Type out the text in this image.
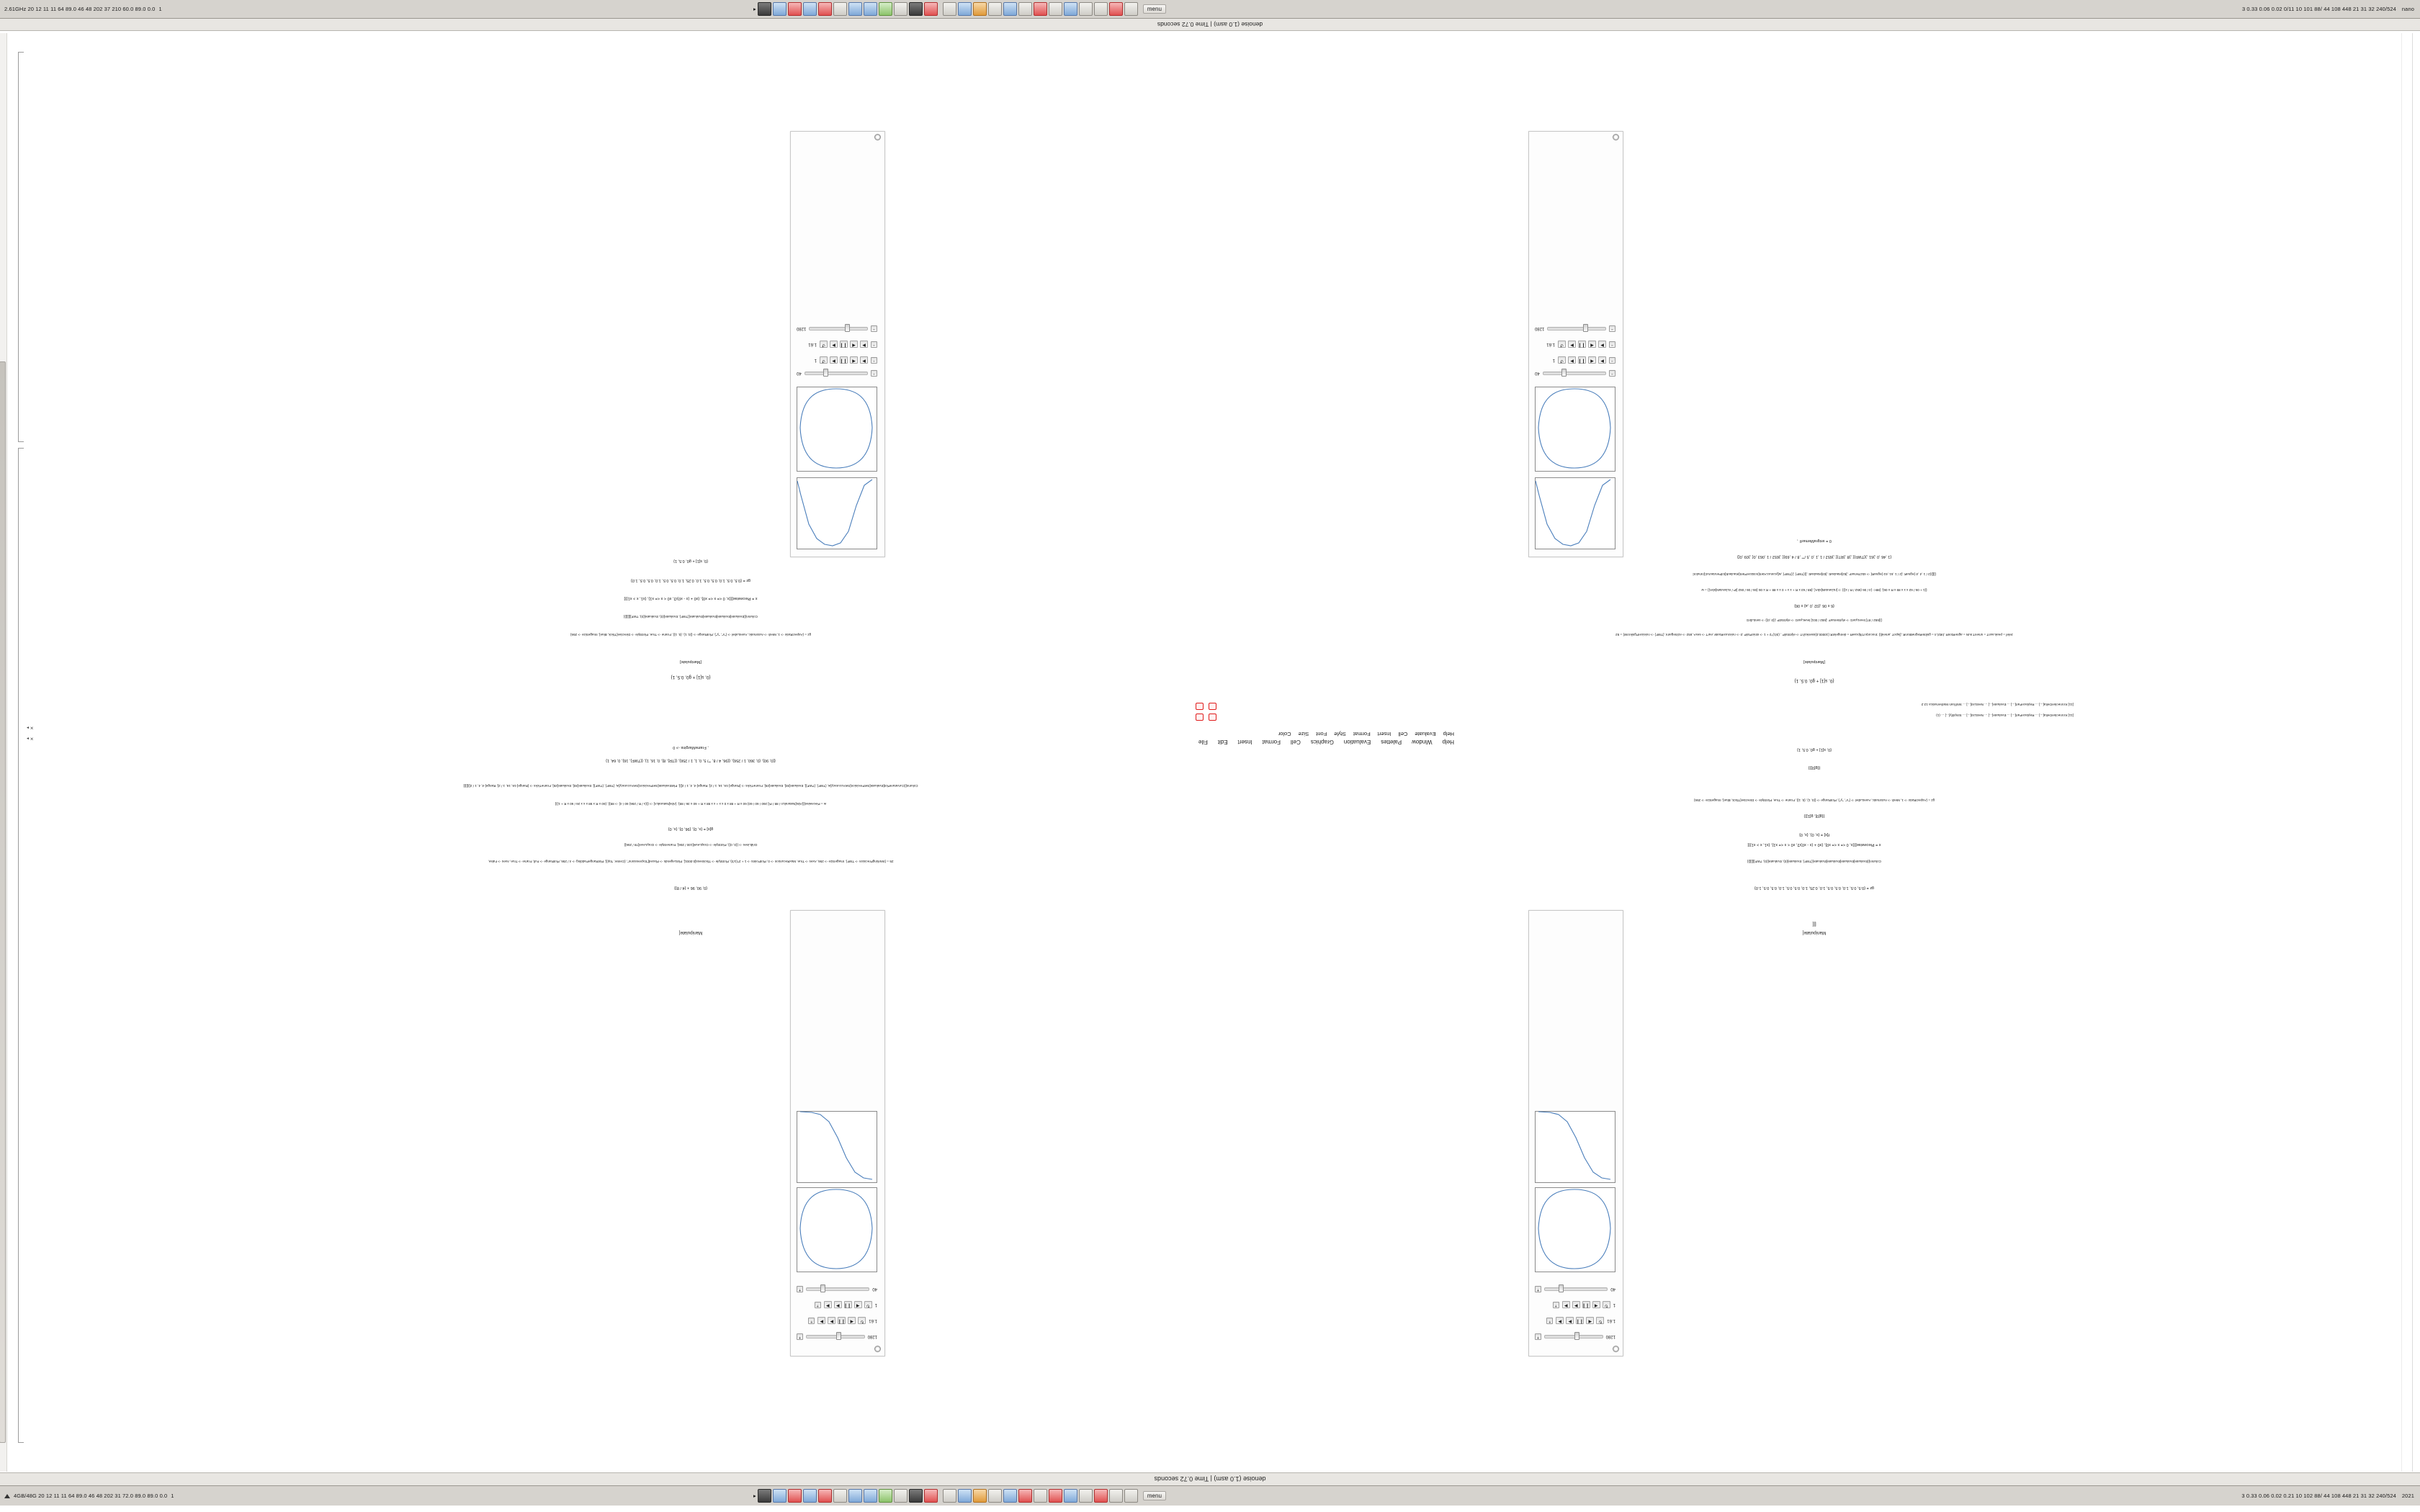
2.61GHz 20 12 11 11 64 89.0 46 48 202 37 210 60.0 89.0 0.0 1	▸	menu	3 0.33 0.06 0.02 0/11 10 101 88/ 44 108 448 21 31 32 240/524 nano
denoise (1.0 asm) | Time 0.72 seconds
−
40
−
▶
◀
❙❙
▶
↺
1
−
▶
◀
❙❙
▶
↺
1.61
−
1280
−
40
−
▶
◀
❙❙
▶
↺
1
−
▶
◀
❙❙
▶
↺
1.61
−
1280
1280
+
1.61
↻
◀
❙❙
▶
▶
+
1
↻
◀
❙❙
▶
▶
+
40
+
1280
+
1.61
↻
◀
❙❙
▶
▶
+
1
↻
◀
❙❙
▶
▶
+
40
+
Manipulate[
[[[
gz = {0.5, 0.5, 1.0, 0.5, 0.5, 1.0, 0.25, 1.0, 0.5, 0.5, 1.0, 0.5, 0.5, 1.0}
Column[{Evaluate[Evaluate[Evaluate[Evaluate[{TWF}, Evaluate[(0), Evaluate[(0), TWF]]]]]]}]
x = Piecewise[{{x, 0 <= x <= x0}, {x0 + (x - x0)/2, x0 < x <= x1}, {x1, x > x1}}]
f[x] = {x, 0}, {x, 0}
{{g[0], g[1]}}
gz = {AspectRatio -> 1, Mesh -> Automatic, AxesLabel -> {"x", "y"}, PlotRange -> {{0, 1}, {0, 1}}, Frame -> True, PlotStyle -> Directive[Thick, Blue], ImageSize -> 256}
{{g[0]}}
{0, s[1] + g0, 0.5, 1}
{0, s[1] + g0, 0.5, 1}
[Manipulate]
Jelef = peak.aunT = smenT.nuN = agneRtonR ,b82/,4 = gnibteRegneBtonR ,[lapoT ,ameid}} :tnocorpoT/tlpcaeR = demgelotR {10000,0}ssenkcihT -> elytStolP , (3/1)^2 + 1 -> stnioPtolP ,0 -> noisruceRxaM ,eurT -> sexA ,652 -> eziSegamI ,{TWF} -> noisicerPgnikroW} = 52
{}[652 / 87] leveLyarG -> elytSemarF ,[652 / 001] leveLyarG -> elytStolP ,{{0 ,0}} -> seniLdirG
{6 x 06 ,{02 ,0 ,a} x 06}
{{1 + 06 / 62 x x x 89 x R x 06}, {88<- {4 / 06 (652 / R / x)}} -> ]nLlarutaN[sbA{ ,{88 / 63 x R + x x + 0 x x 88 + R x 06 {06 / 06 / 062 ]iP / nLlarutaN[sbA{} = w
{]]]}{2 / 1 ,4 ,4-}egnaR ,{2 / 1 ,61 ,61-}egnaR{ -> skciTemarF ,]52[etaulavE ,]03[etaulavE ,]}{TWF{ ,}{TWF{ ,w[ycaruccAteS[noisicerPteS[etaulavE[tolPerutavruC[nmuloC
{1 ,46 ,0 ,}61 ,}{TWF{{ ,}8 ,}RT{{ ,}652 / 1 ,1 ,0 ,5 /"" ,8 / 4 ,69{{ ,}652 / 1 ,063 ,0{ ,}09 ,0{}
0 = snigraMemarF ,
Manipulate[
{0, 90, 96 + {4 / 8}}
25 = {WorkingPrecision -> TWF}, ImageSize -> 256, Axes -> True, MaxRecursion -> 0, PlotPoints -> 1 + 2^(1/3), PlotStyle -> Thickness[0.0001], PlotLegends -> Placed["Expressions", {Center, Top}], PlotRangePadding -> 4 / 256, PlotRange -> Full, Frame -> True, Axes -> False,
GridLines -> {{0, 0}}, PlotStyle -> GrayLevel[100 / 256], FrameStyle -> GrayLevel[78 / 256]}
g[x] = {x, 0}, {96, 0}, {x, 0}
w = Piecewise[{{Abs[NaturalLn / 88 / Pi] 260 / 60 / 60} 60 x R + 88 x 0 x x + x x 88 x R + 60 x 36 / 88}, {Abs[NaturalLn] -> {{(x / R / 256) 60 / 4} -> 88}}, {60 x R x 98 x x x 26 / 60 x R + 1}}]
Column[{CurvaturePlot[Evaluate[SetPrecision[SetAccuracy[w, {TWF}, {TWF}], Evaluate[30], Evaluate[25], FrameTicks -> {Range[-16, 16, 1 / 2], Range[-4, 4, 1 / 2]}], PlotEvaluate[SetPrecision[SetAccuracy[w, {TWF}, {TWF}], Evaluate[30], Evaluate[25], FrameTicks -> {Range[-16, 16, 1 / 2], Range[-4, 4, 1 / 2]}]]]}]
{{0, 90}, {0, 360, 1 / 256}, {{96, 4 / 8, ""/ 5, 0, 1, 1 / 256}, {{TR}, 8}, 0, 16, 1}, {{TWF}, 16}, 0, 64, 1}
, FrameMargins -> 0
{0, s[1] + g0, 0.5, 1}
[Manipulate]
gz = {AspectRatio -> 1, Mesh -> Automatic, AxesLabel -> {"x", "y"}, PlotRange -> {{0, 1}, {0, 1}}, Frame -> True, PlotStyle -> Directive[Thick, Blue], ImageSize -> 256}
Column[{Evaluate[Evaluate[Evaluate[Evaluate[{TWF}, Evaluate[(0), Evaluate[(0), TWF]]]]]]}]
x = Piecewise[{{x, 0 <= x <= x0}, {x0 + (x - x0)/2, x0 < x <= x1}, {x1, x > x1}}]
gz = {0.5, 0.5, 1.0, 0.5, 0.5, 1.0, 0.25, 1.0, 0.5, 0.5, 1.0, 0.5, 0.5, 1.0}
{0, s[1] + g0, 0.5, 1}
[11] KroneckerDelta[...] ... ReplacePart[...] ... Evaluate[...] ... NestList[...] ... Simplify[...] ... (1)
[11] KroneckerDelta[...] ... ReplacePart[...] ... Evaluate[...] ... NestList[...] ... Wolfram Mathematica 12.2
Help
Window
Palettes
Evaluation
Graphics
Cell
Format
Insert
Edit
File
Help
Evaluate
Cell
Insert
Format
Style
Font
Size
Color
✕ ▸
✕ ▸
denoise (1.0 asm) | Time 0.72 seconds
4GB/48G 20 12 11 11 64 89.0 46 48 202 31 72.0 89.0 89.0 0.0 1	▸	menu	3 0.33 0.06 0.02 0.21 10 102 88/ 44 108 448 21 31 32 240/524 2021
